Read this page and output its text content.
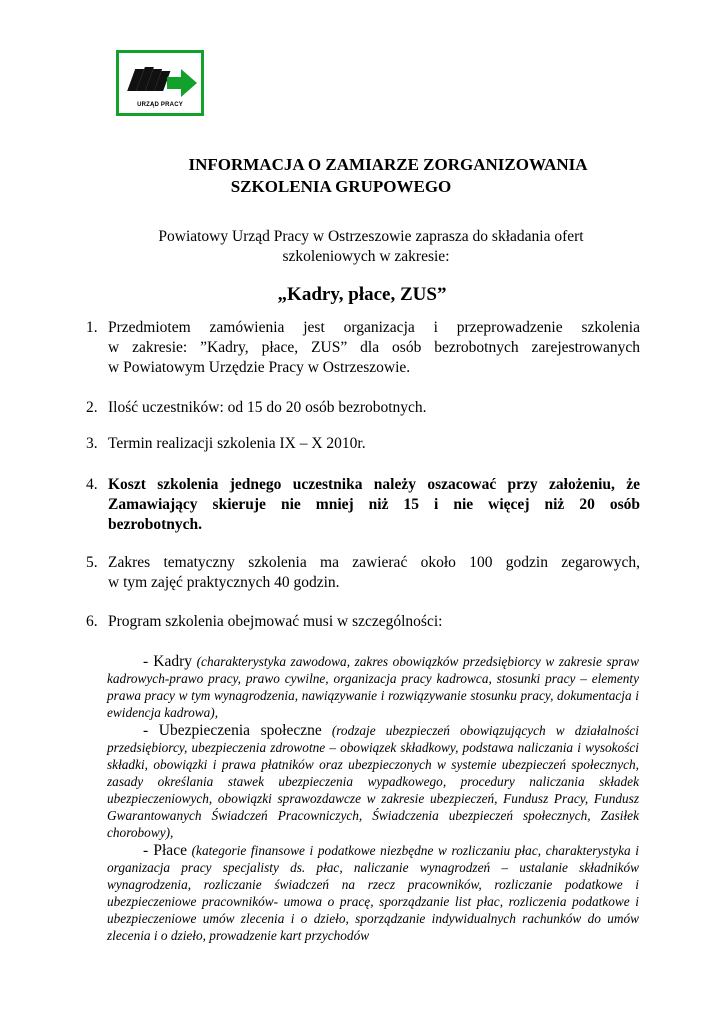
URZĄD PRACY
INFORMACJA O ZAMIARZE ZORGANIZOWANIA
SZKOLENIA GRUPOWEGO
Powiatowy Urząd Pracy w Ostrzeszowie zaprasza do składania ofert
szkoleniowych w zakresie:
„Kadry, płace, ZUS”
1. Przedmiotem zamówienia jest organizacja i przeprowadzenie szkolenia
w zakresie: ”Kadry, płace, ZUS” dla osób bezrobotnych zarejestrowanych
w Powiatowym Urzędzie Pracy w Ostrzeszowie.
2. Ilość uczestników: od 15 do 20 osób bezrobotnych.
3. Termin realizacji szkolenia IX – X 2010r.
4. Koszt szkolenia jednego uczestnika należy oszacować przy założeniu, że
Zamawiający skieruje nie mniej niż 15 i nie więcej niż 20 osób
bezrobotnych.
5. Zakres tematyczny szkolenia ma zawierać około 100 godzin zegarowych,
w tym zajęć praktycznych 40 godzin.
6. Program szkolenia obejmować musi w szczególności:
- Kadry (charakterystyka zawodowa, zakres obowiązków przedsiębiorcy w zakresie spraw kadrowych-prawo pracy, prawo cywilne, organizacja pracy kadrowca, stosunki pracy – elementy prawa pracy w tym wynagrodzenia, nawiązywanie i rozwiązywanie stosunku pracy, dokumentacja i ewidencja kadrowa),
- Ubezpieczenia społeczne (rodzaje ubezpieczeń obowiązujących w działalności przedsiębiorcy, ubezpieczenia zdrowotne – obowiązek składkowy, podstawa naliczania i wysokości składki, obowiązki i prawa płatników oraz ubezpieczonych w systemie ubezpieczeń społecznych, zasady określania stawek ubezpieczenia wypadkowego, procedury naliczania składek ubezpieczeniowych, obowiązki sprawozdawcze w zakresie ubezpieczeń, Fundusz Pracy, Fundusz Gwarantowanych Świadczeń Pracowniczych, Świadczenia ubezpieczeń społecznych, Zasiłek chorobowy),
- Płace (kategorie finansowe i podatkowe niezbędne w rozliczaniu płac, charakterystyka i organizacja pracy specjalisty ds. płac, naliczanie wynagrodzeń – ustalanie składników wynagrodzenia, rozliczanie świadczeń na rzecz pracowników, rozliczanie podatkowe i ubezpieczeniowe pracowników- umowa o pracę, sporządzanie list płac, rozliczenia podatkowe i ubezpieczeniowe umów zlecenia i o dzieło, sporządzanie indywidualnych rachunków do umów zlecenia i o dzieło, prowadzenie kart przychodów
